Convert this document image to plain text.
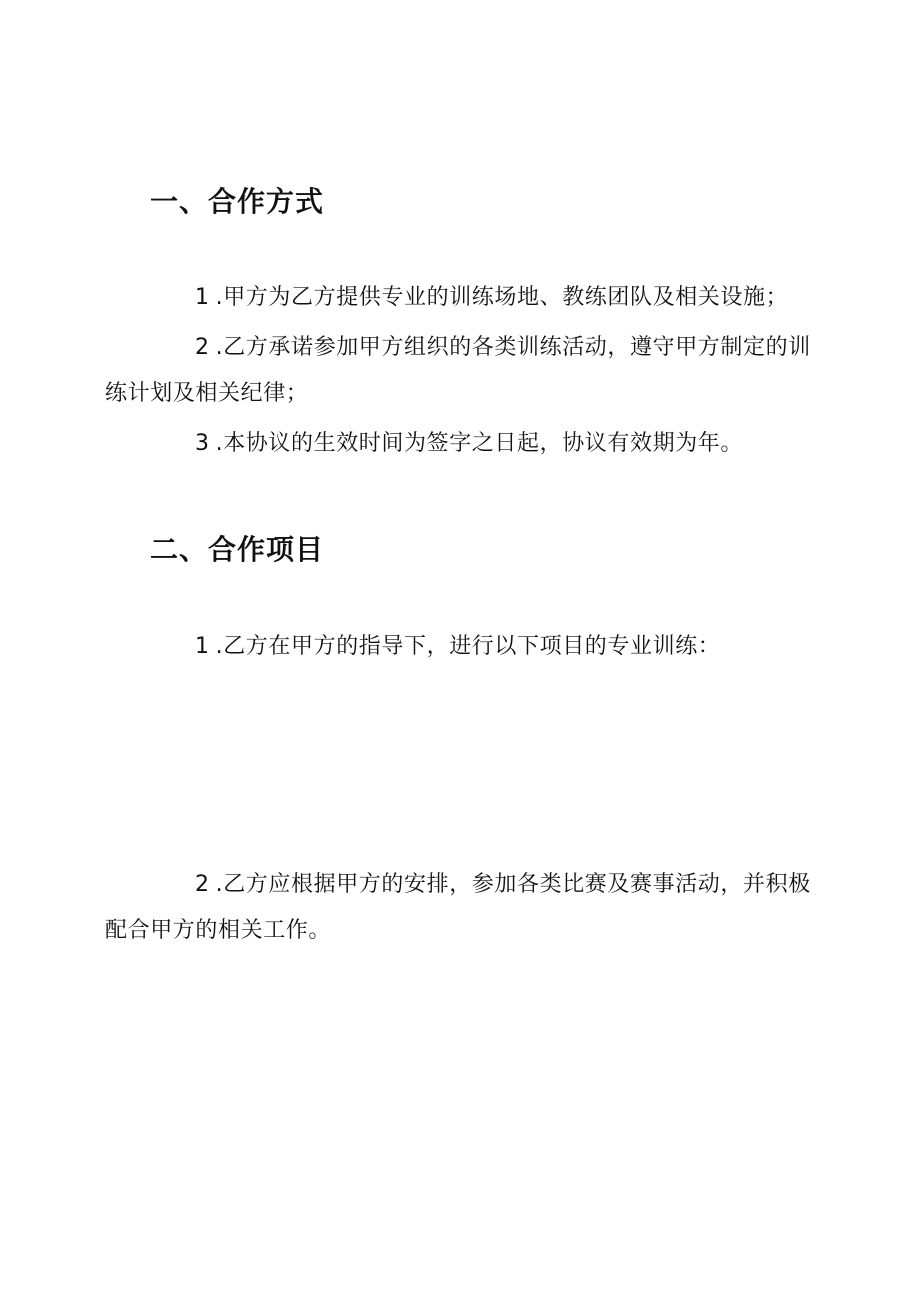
一、合作方式
1 .甲方为乙方提供专业的训练场地、教练团队及相关设施；
2 .乙方承诺参加甲方组织的各类训练活动，遵守甲方制定的训练计划及相关纪律；
3 .本协议的生效时间为签字之日起，协议有效期为年。
二、合作项目
1 .乙方在甲方的指导下，进行以下项目的专业训练：
2 .乙方应根据甲方的安排，参加各类比赛及赛事活动，并积极配合甲方的相关工作。
